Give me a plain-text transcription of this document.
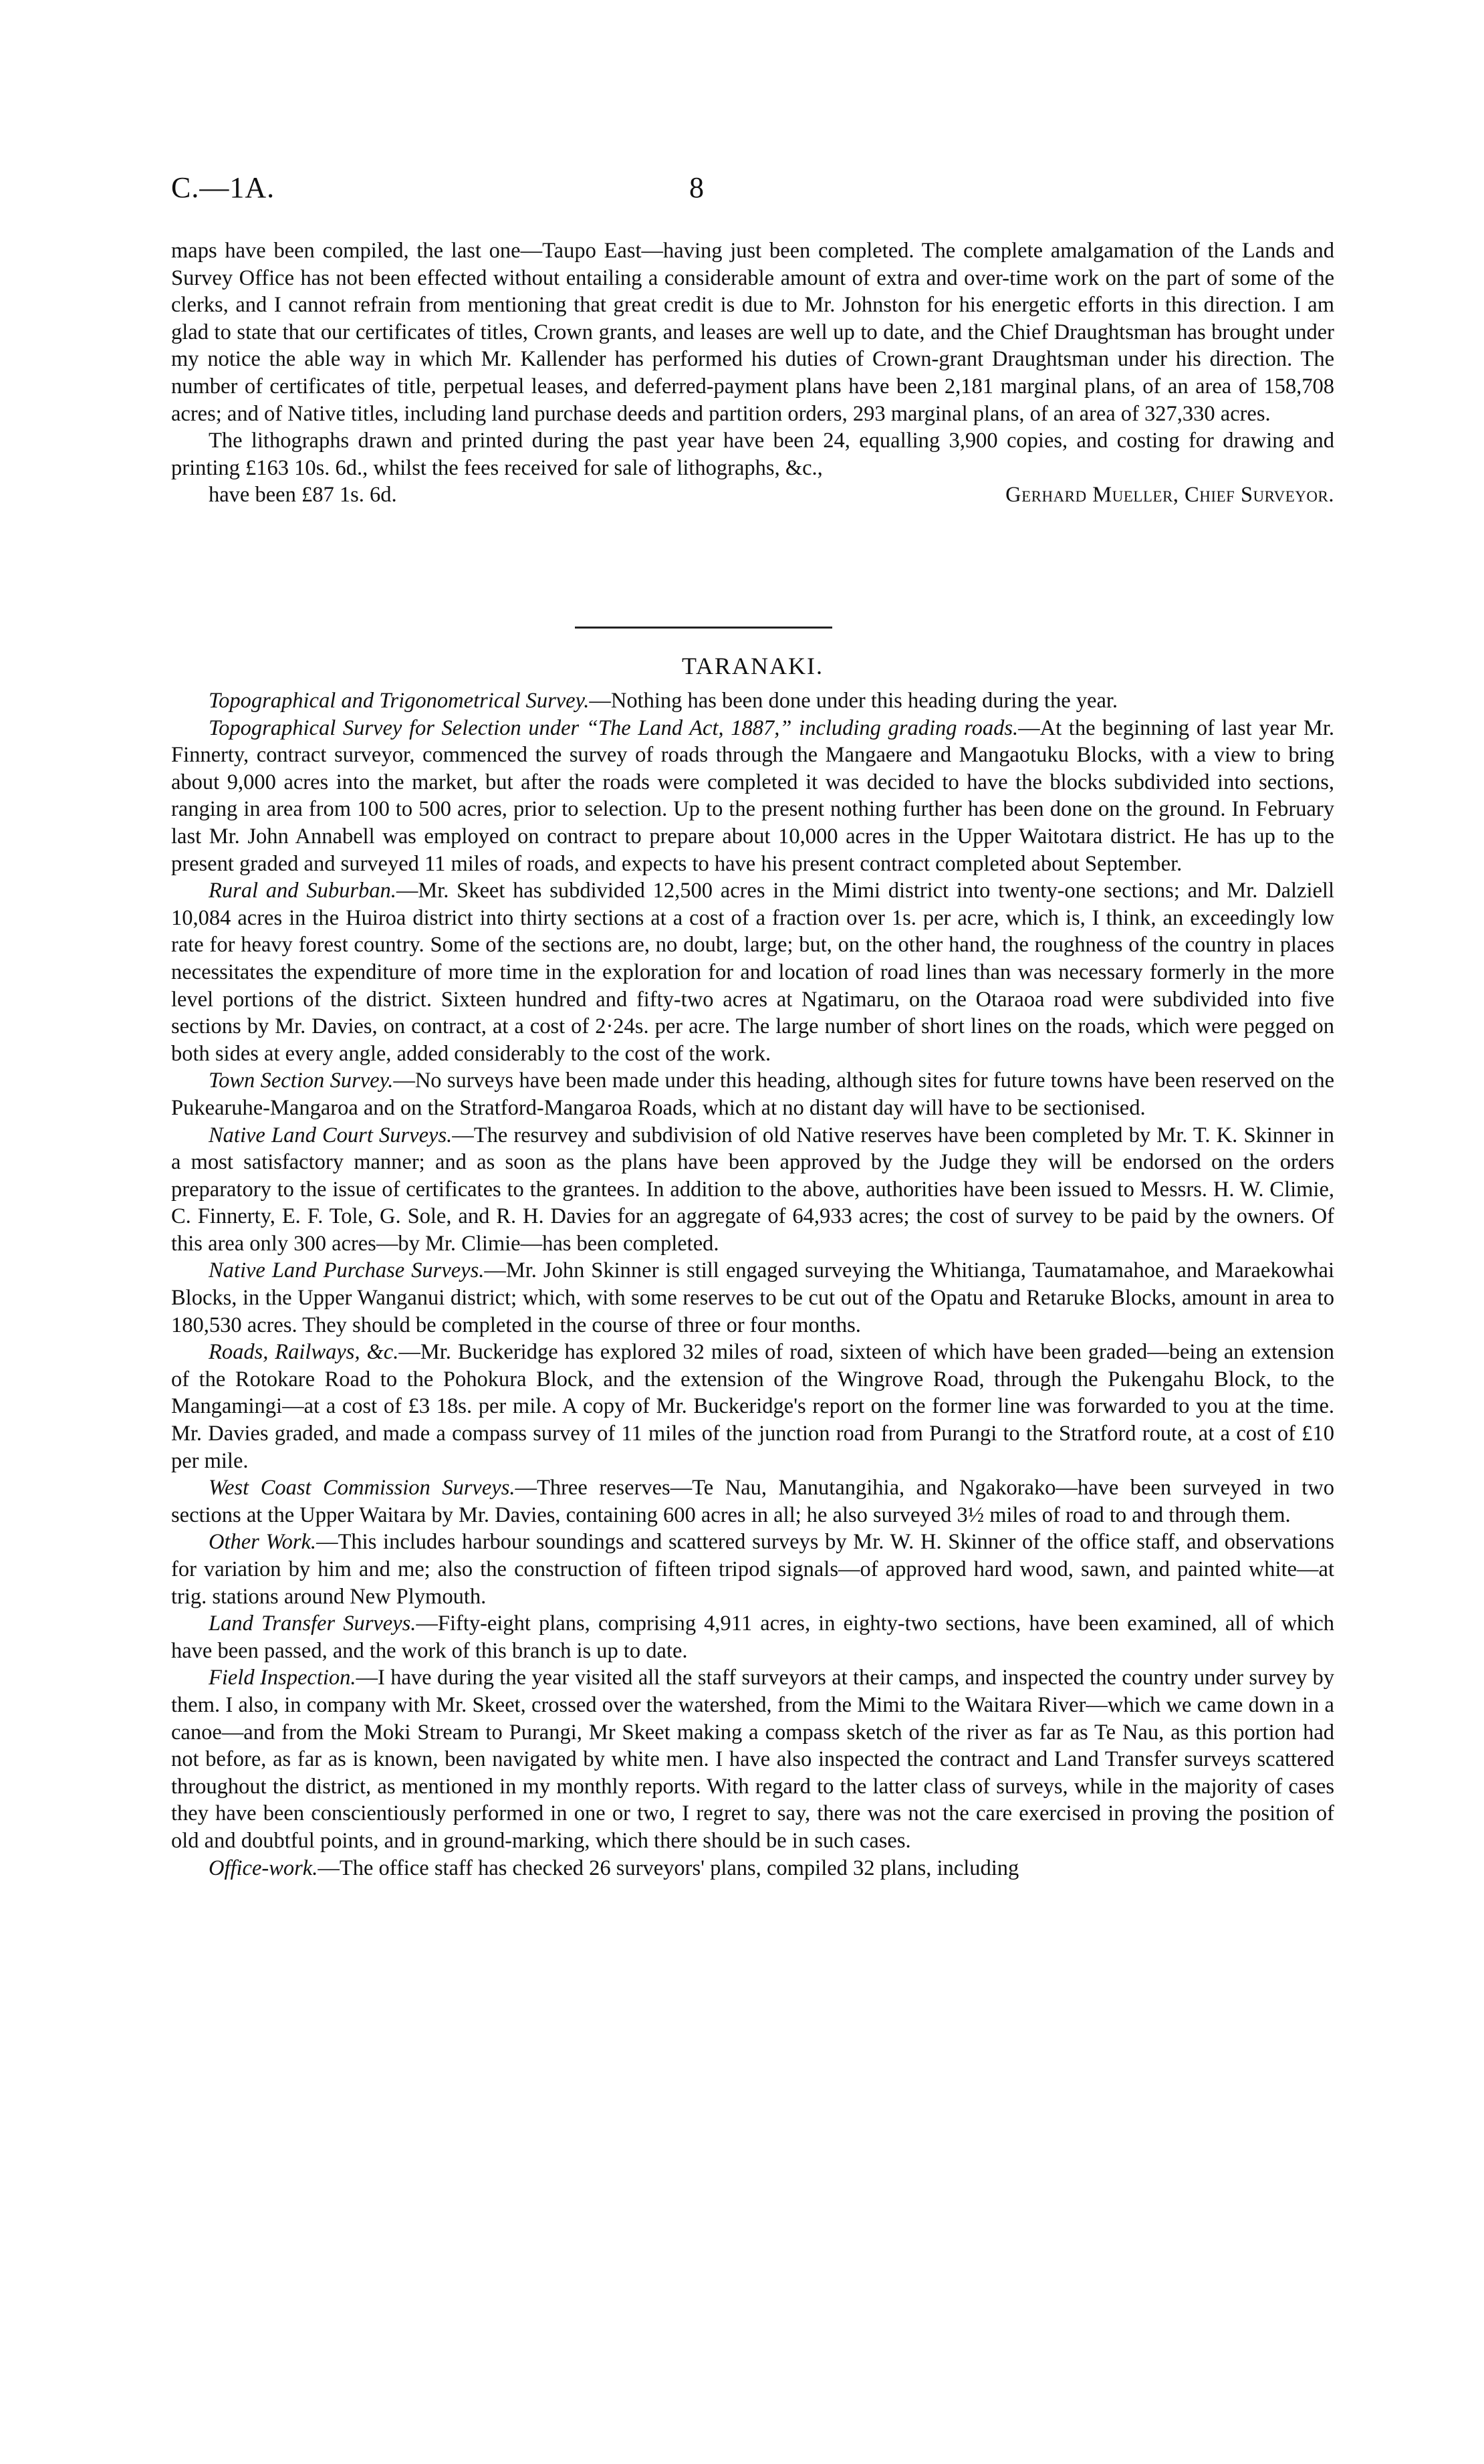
C.—1A.	8

maps have been compiled, the last one—Taupo East—having just been completed. The complete amalgamation of the Lands and Survey Office has not been effected without entailing a considerable amount of extra and over-time work on the part of some of the clerks, and I cannot refrain from mentioning that great credit is due to Mr. Johnston for his energetic efforts in this direction. I am glad to state that our certificates of titles, Crown grants, and leases are well up to date, and the Chief Draughtsman has brought under my notice the able way in which Mr. Kallender has performed his duties of Crown-grant Draughtsman under his direction. The number of certificates of title, perpetual leases, and deferred-payment plans have been 2,181 marginal plans, of an area of 158,708 acres; and of Native titles, including land purchase deeds and partition orders, 293 marginal plans, of an area of 327,330 acres.

The lithographs drawn and printed during the past year have been 24, equalling 3,900 copies, and costing for drawing and printing £163 10s. 6d., whilst the fees received for sale of lithographs, &c.,

have been £87 1s. 6d.	Gerhard Mueller, Chief Surveyor.

TARANAKI.

Topographical and Trigonometrical Survey.—Nothing has been done under this heading during the year.

Topographical Survey for Selection under “The Land Act, 1887,” including grading roads.—At the beginning of last year Mr. Finnerty, contract surveyor, commenced the survey of roads through the Mangaere and Mangaotuku Blocks, with a view to bring about 9,000 acres into the market, but after the roads were completed it was decided to have the blocks subdivided into sections, ranging in area from 100 to 500 acres, prior to selection. Up to the present nothing further has been done on the ground. In February last Mr. John Annabell was employed on contract to prepare about 10,000 acres in the Upper Waitotara district. He has up to the present graded and surveyed 11 miles of roads, and expects to have his present contract completed about September.

Rural and Suburban.—Mr. Skeet has subdivided 12,500 acres in the Mimi district into twenty-one sections; and Mr. Dalziell 10,084 acres in the Huiroa district into thirty sections at a cost of a fraction over 1s. per acre, which is, I think, an exceedingly low rate for heavy forest country. Some of the sections are, no doubt, large; but, on the other hand, the roughness of the country in places necessitates the expenditure of more time in the exploration for and location of road lines than was necessary formerly in the more level portions of the district. Sixteen hundred and fifty-two acres at Ngatimaru, on the Otaraoa road were subdivided into five sections by Mr. Davies, on contract, at a cost of 2·24s. per acre. The large number of short lines on the roads, which were pegged on both sides at every angle, added considerably to the cost of the work.

Town Section Survey.—No surveys have been made under this heading, although sites for future towns have been reserved on the Pukearuhe-Mangaroa and on the Stratford-Mangaroa Roads, which at no distant day will have to be sectionised.

Native Land Court Surveys.—The resurvey and subdivision of old Native reserves have been completed by Mr. T. K. Skinner in a most satisfactory manner; and as soon as the plans have been approved by the Judge they will be endorsed on the orders preparatory to the issue of certificates to the grantees. In addition to the above, authorities have been issued to Messrs. H. W. Climie, C. Finnerty, E. F. Tole, G. Sole, and R. H. Davies for an aggregate of 64,933 acres; the cost of survey to be paid by the owners. Of this area only 300 acres—by Mr. Climie—has been completed.

Native Land Purchase Surveys.—Mr. John Skinner is still engaged surveying the Whitianga, Taumatamahoe, and Maraekowhai Blocks, in the Upper Wanganui district; which, with some reserves to be cut out of the Opatu and Retaruke Blocks, amount in area to 180,530 acres. They should be completed in the course of three or four months.

Roads, Railways, &c.—Mr. Buckeridge has explored 32 miles of road, sixteen of which have been graded—being an extension of the Rotokare Road to the Pohokura Block, and the extension of the Wingrove Road, through the Pukengahu Block, to the Mangamingi—at a cost of £3 18s. per mile. A copy of Mr. Buckeridge's report on the former line was forwarded to you at the time. Mr. Davies graded, and made a compass survey of 11 miles of the junction road from Purangi to the Stratford route, at a cost of £10 per mile.

West Coast Commission Surveys.—Three reserves—Te Nau, Manutangihia, and Ngakorako—have been surveyed in two sections at the Upper Waitara by Mr. Davies, containing 600 acres in all; he also surveyed 3½ miles of road to and through them.

Other Work.—This includes harbour soundings and scattered surveys by Mr. W. H. Skinner of the office staff, and observations for variation by him and me; also the construction of fifteen tripod signals—of approved hard wood, sawn, and painted white—at trig. stations around New Plymouth.

Land Transfer Surveys.—Fifty-eight plans, comprising 4,911 acres, in eighty-two sections, have been examined, all of which have been passed, and the work of this branch is up to date.

Field Inspection.—I have during the year visited all the staff surveyors at their camps, and inspected the country under survey by them. I also, in company with Mr. Skeet, crossed over the watershed, from the Mimi to the Waitara River—which we came down in a canoe—and from the Moki Stream to Purangi, Mr Skeet making a compass sketch of the river as far as Te Nau, as this portion had not before, as far as is known, been navigated by white men. I have also inspected the contract and Land Transfer surveys scattered throughout the district, as mentioned in my monthly reports. With regard to the latter class of surveys, while in the majority of cases they have been conscientiously performed in one or two, I regret to say, there was not the care exercised in proving the position of old and doubtful points, and in ground-marking, which there should be in such cases.

Office-work.—The office staff has checked 26 surveyors' plans, compiled 32 plans, including
